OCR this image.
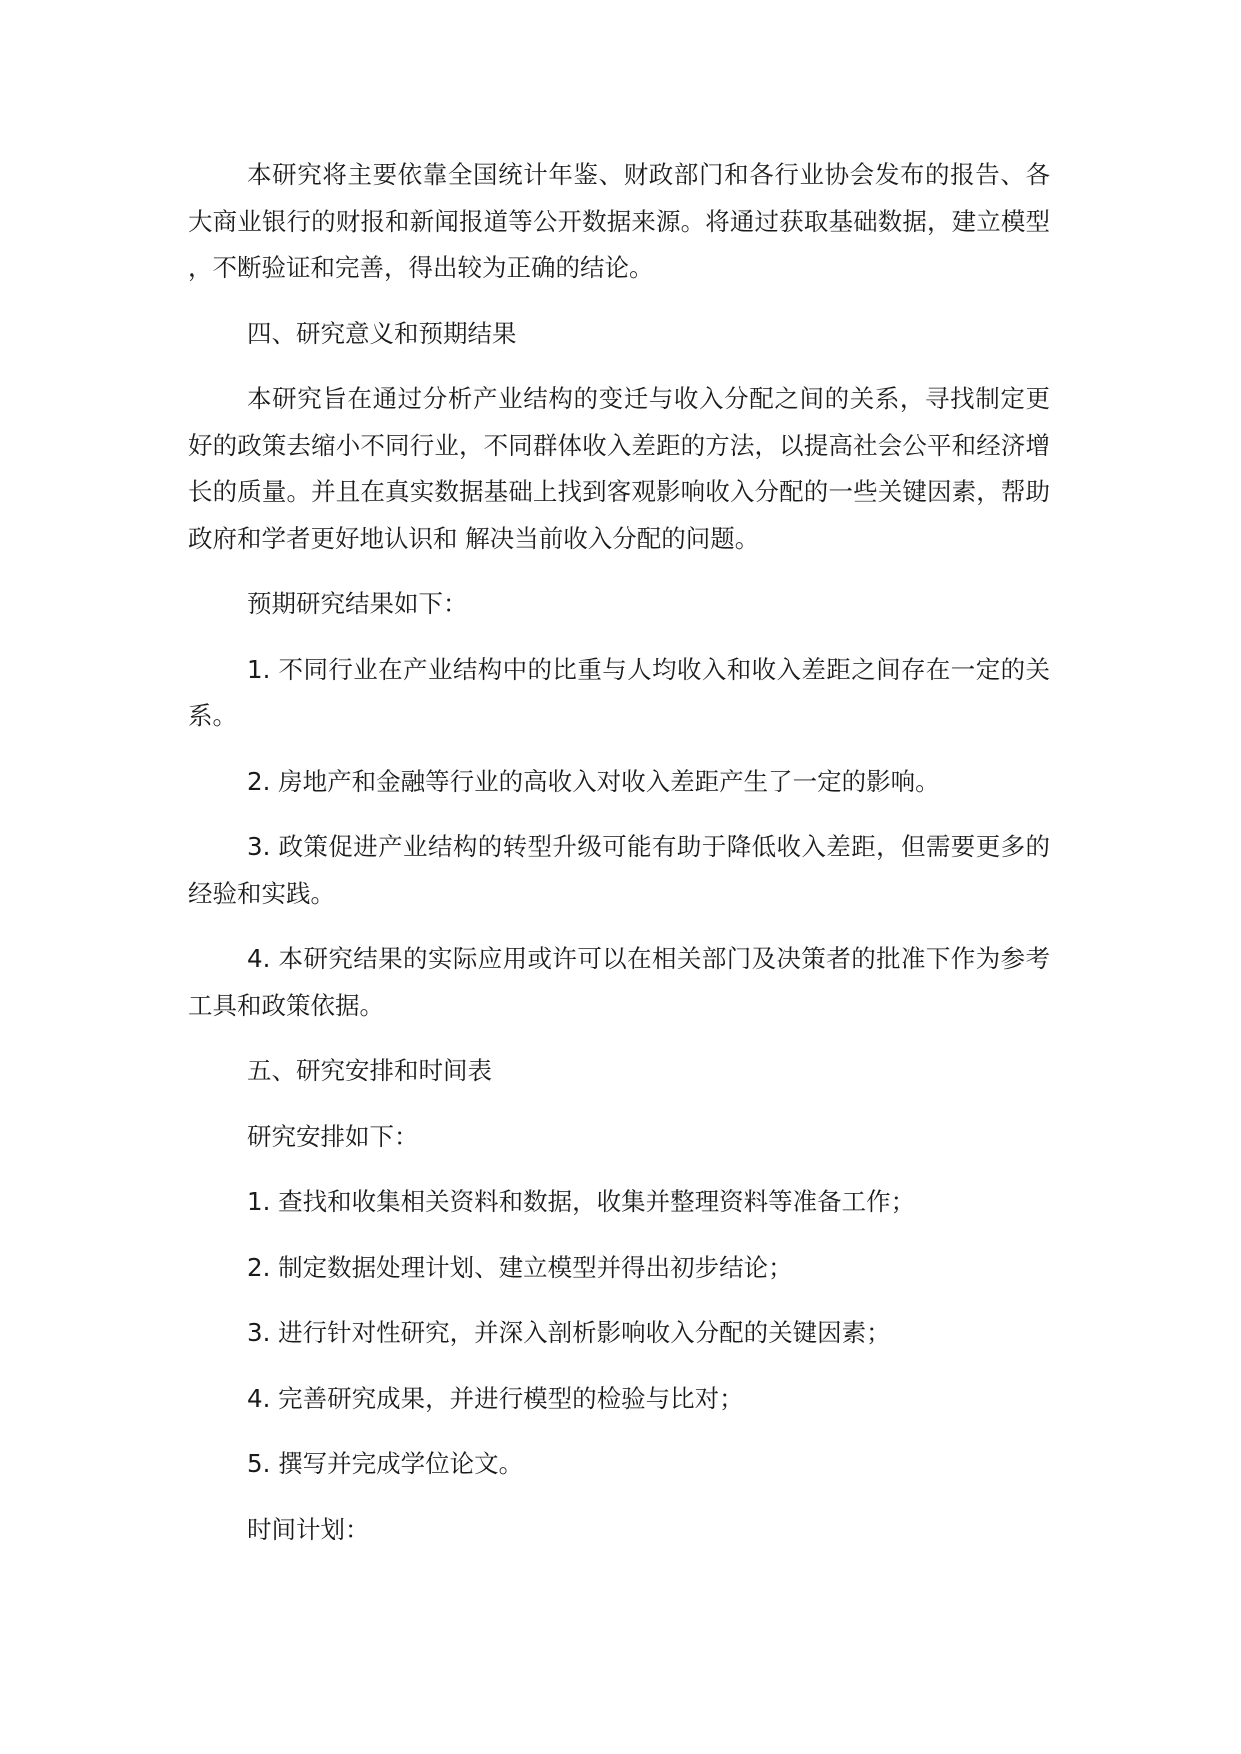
本研究将主要依靠全国统计年鉴、财政部门和各行业协会发布的报告、各大商业银行的财报和新闻报道等公开数据来源。将通过获取基础数据，建立模型，不断验证和完善，得出较为正确的结论。

四、研究意义和预期结果

本研究旨在通过分析产业结构的变迁与收入分配之间的关系，寻找制定更好的政策去缩小不同行业，不同群体收入差距的方法，以提高社会公平和经济增长的质量。并且在真实数据基础上找到客观影响收入分配的一些关键因素，帮助政府和学者更好地认识和 解决当前收入分配的问题。

预期研究结果如下：

1. 不同行业在产业结构中的比重与人均收入和收入差距之间存在一定的关系。

2. 房地产和金融等行业的高收入对收入差距产生了一定的影响。

3. 政策促进产业结构的转型升级可能有助于降低收入差距，但需要更多的经验和实践。

4. 本研究结果的实际应用或许可以在相关部门及决策者的批准下作为参考工具和政策依据。

五、研究安排和时间表

研究安排如下：

1. 查找和收集相关资料和数据，收集并整理资料等准备工作；

2. 制定数据处理计划、建立模型并得出初步结论；

3. 进行针对性研究，并深入剖析影响收入分配的关键因素；

4. 完善研究成果，并进行模型的检验与比对；

5. 撰写并完成学位论文。

时间计划：
